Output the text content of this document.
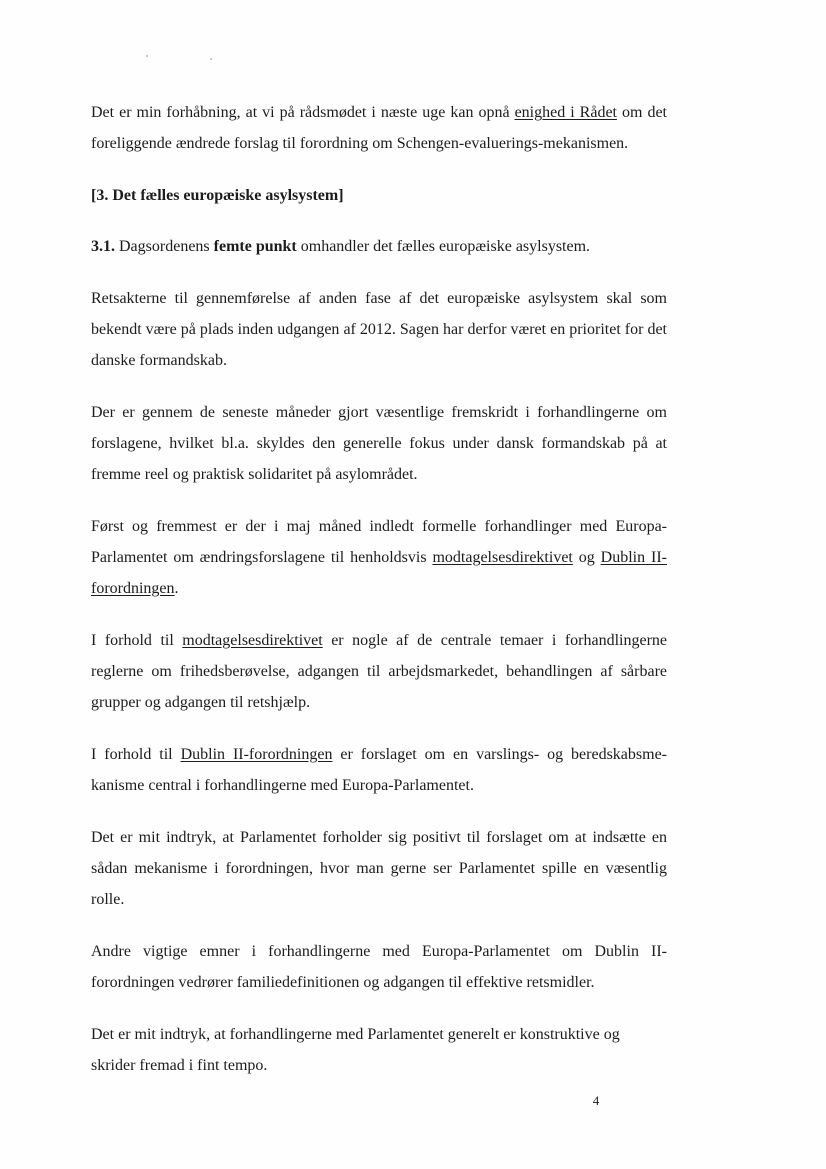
Det er min forhåbning, at vi på rådsmødet i næste uge kan opnå enighed i Rådet om det foreliggende ændrede forslag til forordning om Schengen-evaluerings-mekanismen.

[3. Det fælles europæiske asylsystem]

3.1. Dagsordenens femte punkt omhandler det fælles europæiske asylsystem.

Retsakterne til gennemførelse af anden fase af det europæiske asylsystem skal som bekendt være på plads inden udgangen af 2012. Sagen har derfor været en prioritet for det danske formandskab.

Der er gennem de seneste måneder gjort væsentlige fremskridt i forhandlingerne om forslagene, hvilket bl.a. skyldes den generelle fokus under dansk formandskab på at fremme reel og praktisk solidaritet på asylområdet.

Først og fremmest er der i maj måned indledt formelle forhandlinger med Europa-Parlamentet om ændringsforslagene til henholdsvis modtagelsesdirektivet og Dublin II-forordningen.

I forhold til modtagelsesdirektivet er nogle af de centrale temaer i forhandlingerne reglerne om frihedsberøvelse, adgangen til arbejdsmarkedet, behandlingen af sårbare grupper og adgangen til retshjælp.

I forhold til Dublin II-forordningen er forslaget om en varslings- og beredskabsme-kanisme central i forhandlingerne med Europa-Parlamentet.

Det er mit indtryk, at Parlamentet forholder sig positivt til forslaget om at indsætte en sådan mekanisme i forordningen, hvor man gerne ser Parlamentet spille en væsentlig rolle.

Andre vigtige emner i forhandlingerne med Europa-Parlamentet om Dublin II-forordningen vedrører familiedefinitionen og adgangen til effektive retsmidler.

Det er mit indtryk, at forhandlingerne med Parlamentet generelt er konstruktive og skrider fremad i fint tempo.

4
